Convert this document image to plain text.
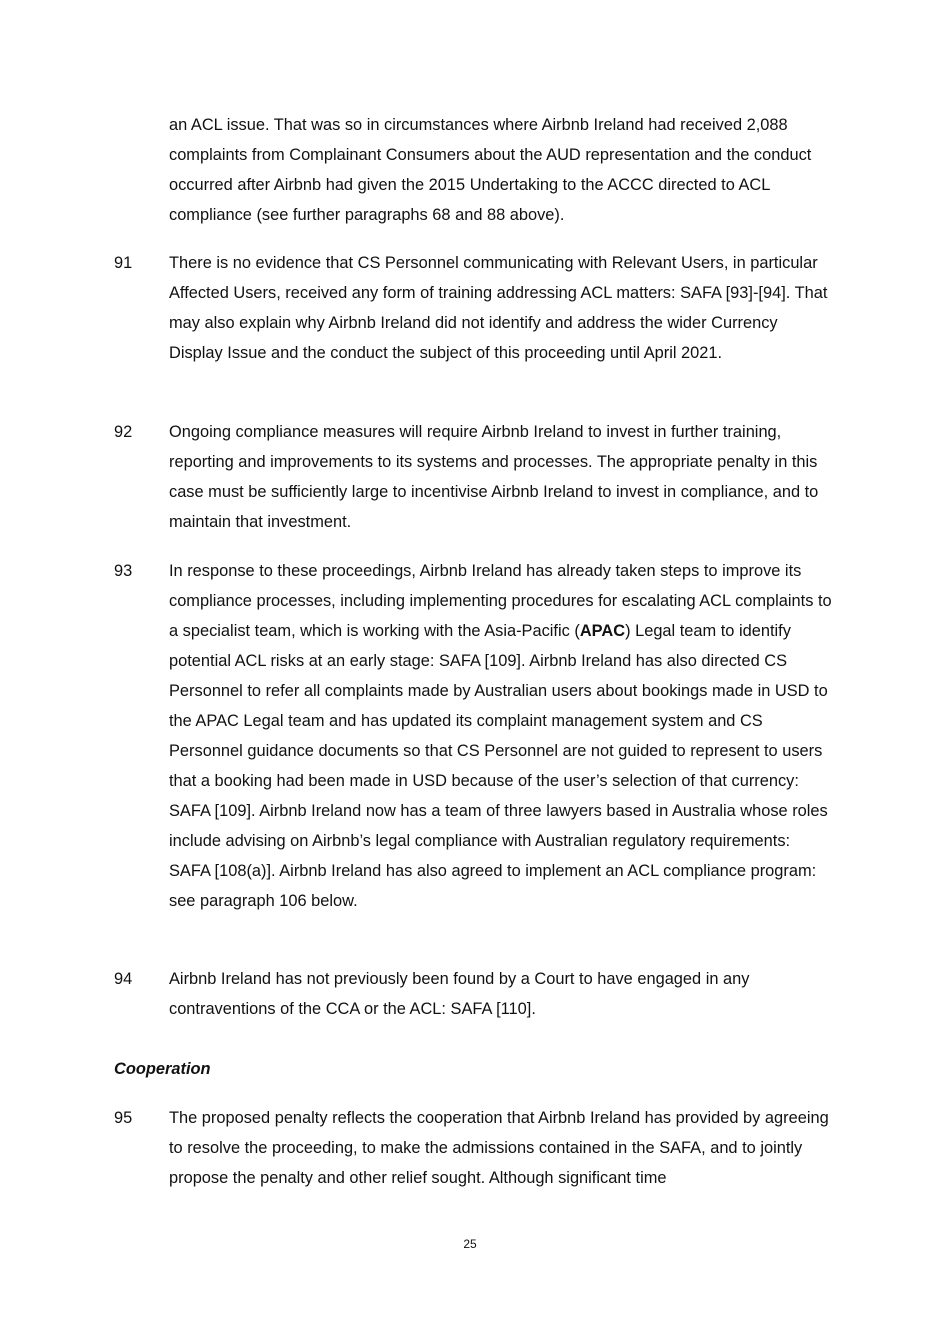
an ACL issue. That was so in circumstances where Airbnb Ireland had received 2,088 complaints from Complainant Consumers about the AUD representation and the conduct occurred after Airbnb had given the 2015 Undertaking to the ACCC directed to ACL compliance (see further paragraphs 68 and 88 above).

91 There is no evidence that CS Personnel communicating with Relevant Users, in particular Affected Users, received any form of training addressing ACL matters: SAFA [93]-[94]. That may also explain why Airbnb Ireland did not identify and address the wider Currency Display Issue and the conduct the subject of this proceeding until April 2021.

92 Ongoing compliance measures will require Airbnb Ireland to invest in further training, reporting and improvements to its systems and processes. The appropriate penalty in this case must be sufficiently large to incentivise Airbnb Ireland to invest in compliance, and to maintain that investment.

93 In response to these proceedings, Airbnb Ireland has already taken steps to improve its compliance processes, including implementing procedures for escalating ACL complaints to a specialist team, which is working with the Asia-Pacific (APAC) Legal team to identify potential ACL risks at an early stage: SAFA [109]. Airbnb Ireland has also directed CS Personnel to refer all complaints made by Australian users about bookings made in USD to the APAC Legal team and has updated its complaint management system and CS Personnel guidance documents so that CS Personnel are not guided to represent to users that a booking had been made in USD because of the user’s selection of that currency: SAFA [109]. Airbnb Ireland now has a team of three lawyers based in Australia whose roles include advising on Airbnb’s legal compliance with Australian regulatory requirements: SAFA [108(a)]. Airbnb Ireland has also agreed to implement an ACL compliance program: see paragraph 106 below.

94 Airbnb Ireland has not previously been found by a Court to have engaged in any contraventions of the CCA or the ACL: SAFA [110].

Cooperation
95 The proposed penalty reflects the cooperation that Airbnb Ireland has provided by agreeing to resolve the proceeding, to make the admissions contained in the SAFA, and to jointly propose the penalty and other relief sought. Although significant time

25
